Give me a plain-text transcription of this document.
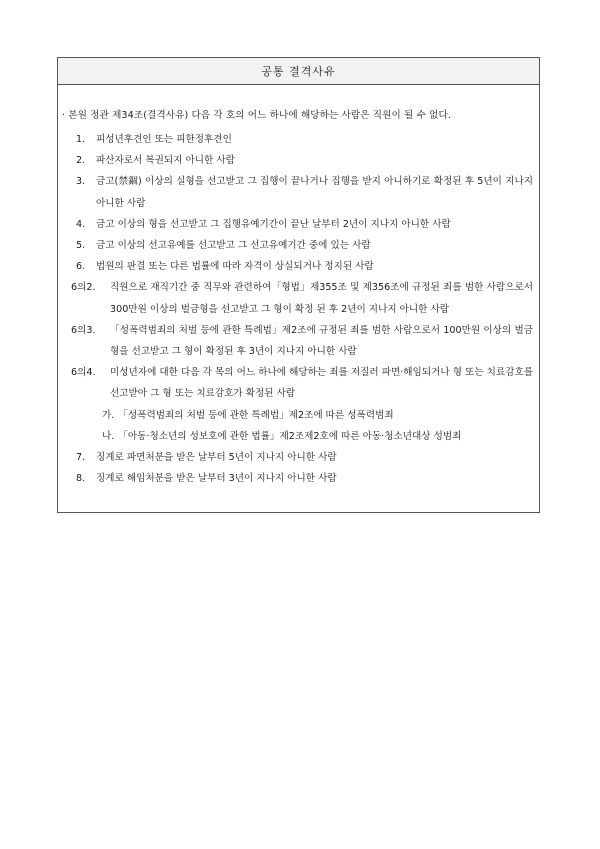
공통 결격사유
· 본원 정관 제34조(결격사유) 다음 각 호의 어느 하나에 해당하는 사람은 직원이 될 수 없다.
1.	피성년후견인 또는 피한정후견인
2.	파산자로서 복권되지 아니한 사람
3.	금고(禁錮) 이상의 실형을 선고받고 그 집행이 끝나거나 집행을 받지 아니하기로 확정된 후 5년이 지나지 아니한 사람
4.	금고 이상의 형을 선고받고 그 집행유예기간이 끝난 날부터 2년이 지나지 아니한 사람
5.	금고 이상의 선고유예를 선고받고 그 선고유예기간 중에 있는 사람
6.	법원의 판결 또는 다른 법률에 따라 자격이 상실되거나 정지된 사람
6의2.	직원으로 재직기간 중 직무와 관련하여「형법」제355조 및 제356조에 규정된 죄를 범한 사람으로서 300만원 이상의 벌금형을 선고받고 그 형이 확정 된 후 2년이 지나지 아니한 사람
6의3.	「성폭력범죄의 처벌 등에 관한 특례법」제2조에 규정된 죄를 범한 사람으로서 100만원 이상의 벌금형을 선고받고 그 형이 확정된 후 3년이 지나지 아니한 사람
6의4.	미성년자에 대한 다음 각 목의 어느 하나에 해당하는 죄를 저질러 파면·해임되거나 형 또는 치료감호를 선고받아 그 형 또는 치료감호가 확정된 사람
가. 「성폭력범죄의 처벌 등에 관한 특례법」제2조에 따른 성폭력범죄
나. 「아동·청소년의 성보호에 관한 법률」제2조제2호에 따른 아동·청소년대상 성범죄
7.	징계로 파면처분을 받은 날부터 5년이 지나지 아니한 사람
8.	징계로 해임처분을 받은 날부터 3년이 지나지 아니한 사람
